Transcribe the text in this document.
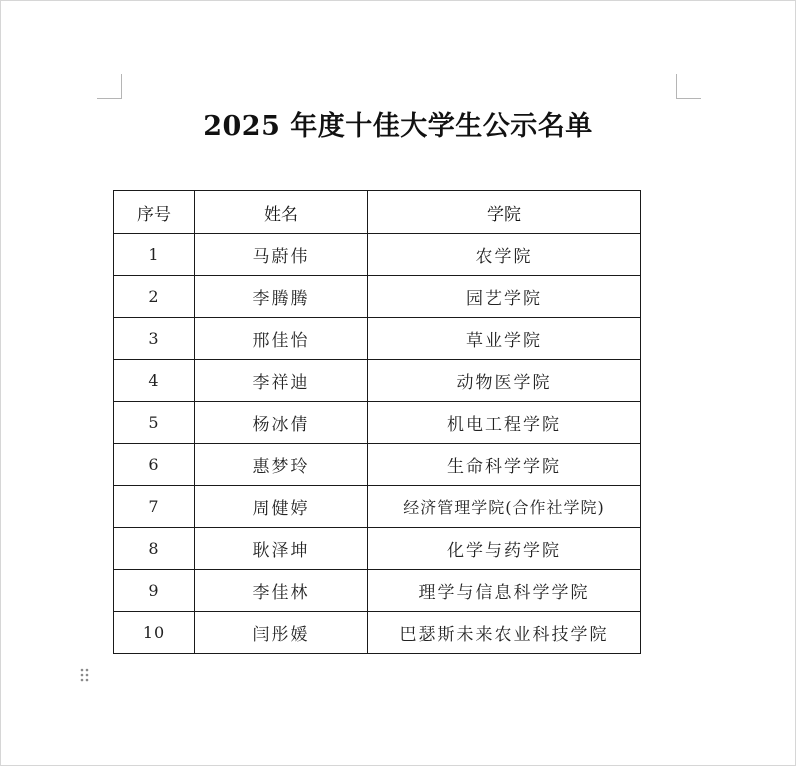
2025 年度十佳大学生公示名单
序号	姓名	学院
1	马蔚伟	农学院
2	李腾腾	园艺学院
3	邢佳怡	草业学院
4	李祥迪	动物医学院
5	杨冰倩	机电工程学院
6	惠梦玲	生命科学学院
7	周健婷	经济管理学院(合作社学院)
8	耿泽坤	化学与药学院
9	李佳林	理学与信息科学学院
10	闫彤媛	巴瑟斯未来农业科技学院
